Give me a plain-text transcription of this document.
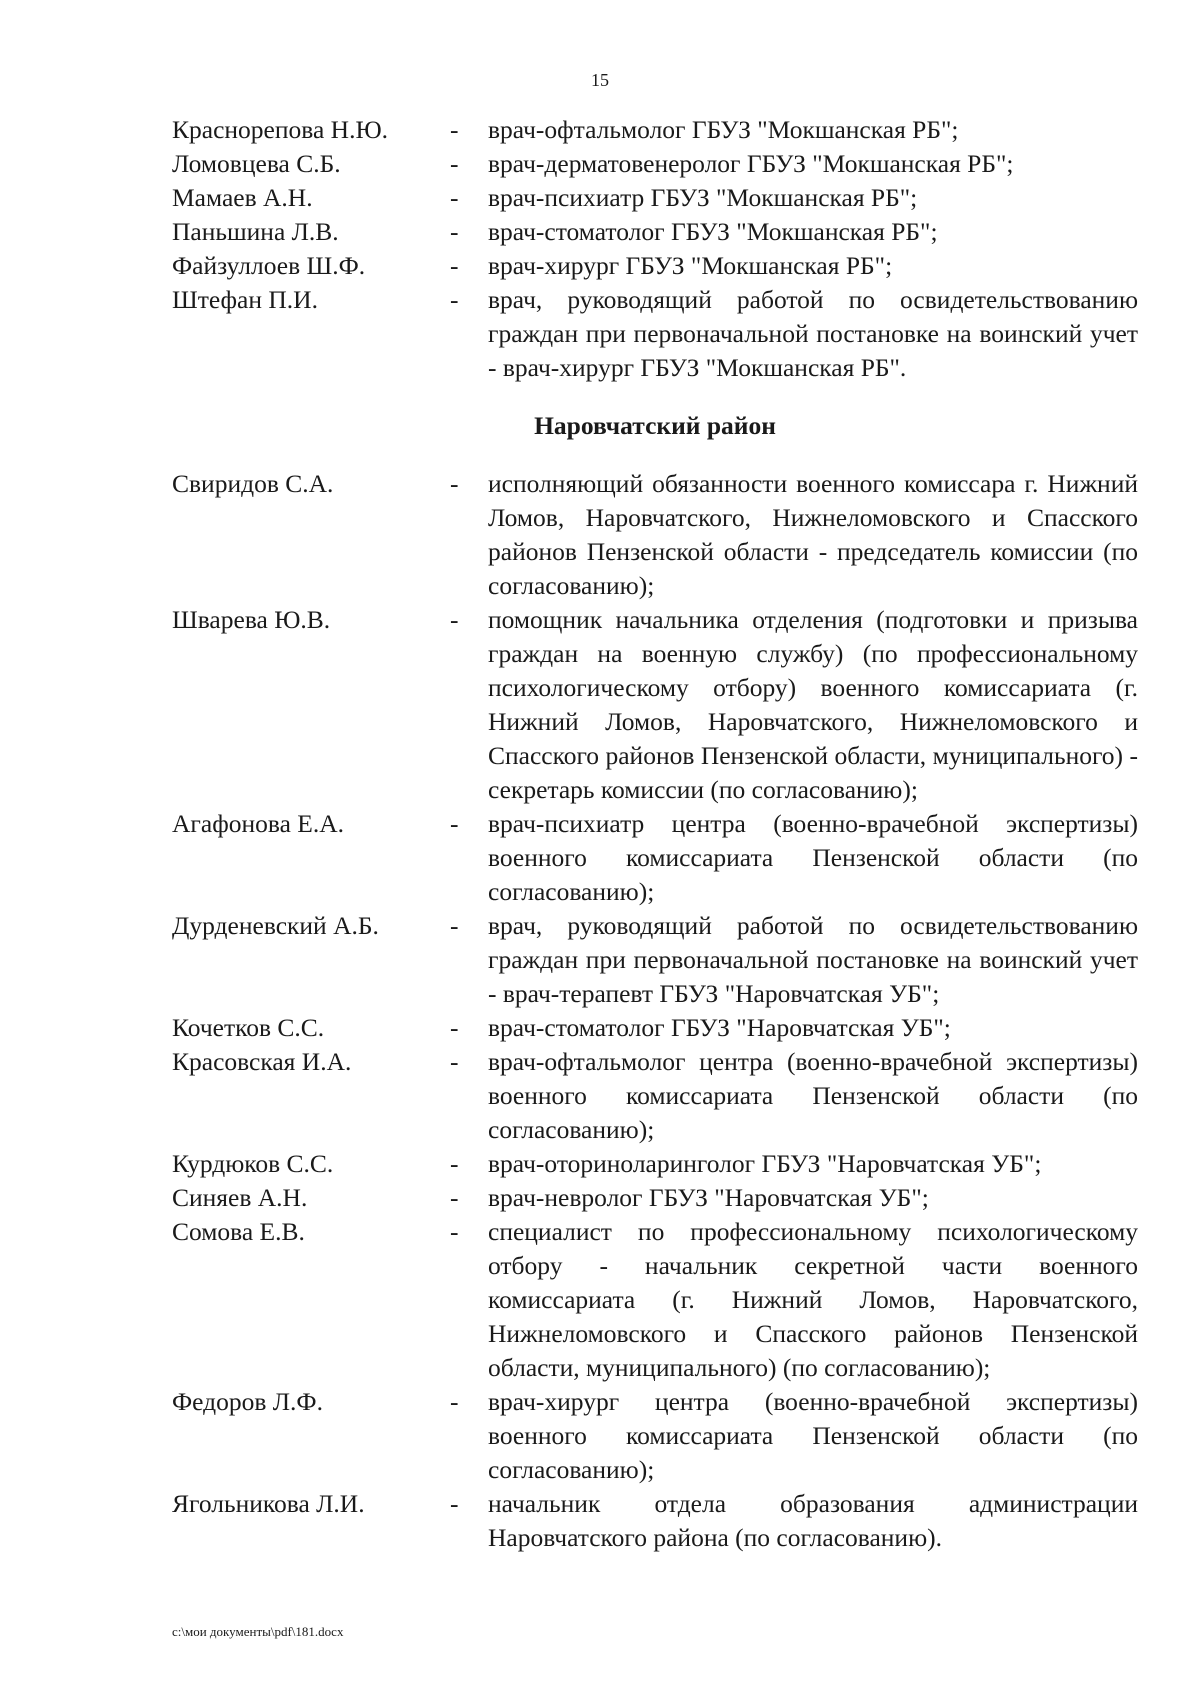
15
Краснорепова Н.Ю.	-	врач-офтальмолог ГБУЗ "Мокшанская РБ";
Ломовцева С.Б.	-	врач-дерматовенеролог ГБУЗ "Мокшанская РБ";
Мамаев А.Н.	-	врач-психиатр ГБУЗ "Мокшанская РБ";
Паньшина Л.В.	-	врач-стоматолог ГБУЗ "Мокшанская РБ";
Файзуллоев Ш.Ф.	-	врач-хирург ГБУЗ "Мокшанская РБ";
Штефан П.И.	-	врач, руководящий работой по освидетельствованию граждан при первоначальной постановке на воинский учет - врач-хирург ГБУЗ "Мокшанская РБ".
Наровчатский район
Свиридов С.А.	-	исполняющий обязанности военного комиссара г. Нижний Ломов, Наровчатского, Нижнеломовского и Спасского районов Пензенской области - председатель комиссии (по согласованию);
Шварева Ю.В.	-	помощник начальника отделения (подготовки и призыва граждан на военную службу) (по профессиональному психологическому отбору) военного комиссариата (г. Нижний Ломов, Наровчатского, Нижнеломовского и Спасского районов Пензенской области, муниципального) - секретарь комиссии (по согласованию);
Агафонова Е.А.	-	врач-психиатр центра (военно-врачебной экспертизы) военного комиссариата Пензенской области (по согласованию);
Дурденевский А.Б.	-	врач, руководящий работой по освидетельствованию граждан при первоначальной постановке на воинский учет - врач-терапевт ГБУЗ "Наровчатская УБ";
Кочетков С.С.	-	врач-стоматолог ГБУЗ "Наровчатская УБ";
Красовская И.А.	-	врач-офтальмолог центра (военно-врачебной экспертизы) военного комиссариата Пензенской области (по согласованию);
Курдюков С.С.	-	врач-оториноларинголог ГБУЗ "Наровчатская УБ";
Синяев А.Н.	-	врач-невролог ГБУЗ "Наровчатская УБ";
Сомова Е.В.	-	специалист по профессиональному психологическому отбору - начальник секретной части военного комиссариата (г. Нижний Ломов, Наровчатского, Нижнеломовского и Спасского районов Пензенской области, муниципального) (по согласованию);
Федоров Л.Ф.	-	врач-хирург центра (военно-врачебной экспертизы) военного комиссариата Пензенской области (по согласованию);
Ягольникова Л.И.	-	начальник отдела образования администрации Наровчатского района (по согласованию).
c:\мои документы\pdf\181.docx
